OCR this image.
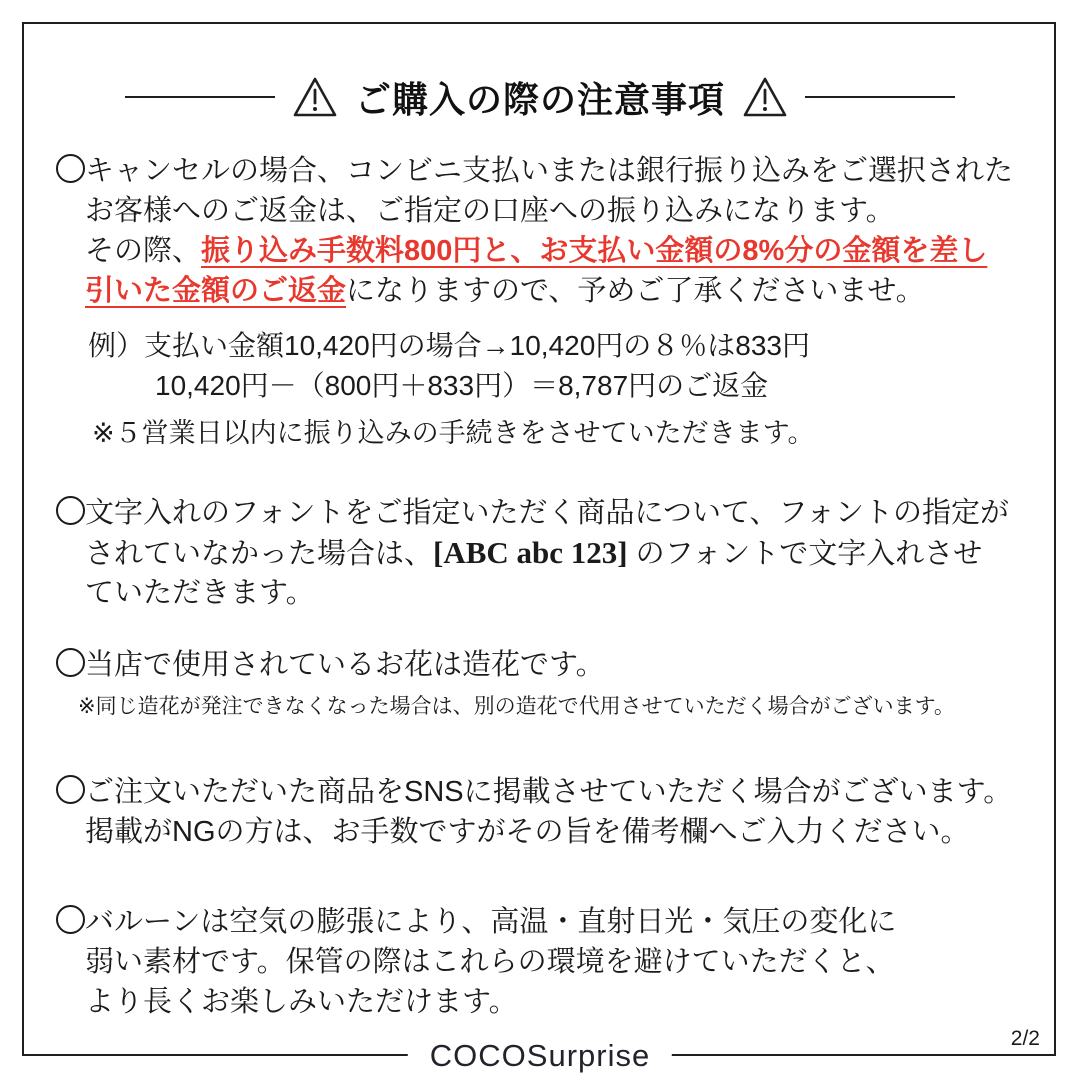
ご購入の際の注意事項
キャンセルの場合、コンビニ支払いまたは銀行振り込みをご選択された
お客様へのご返金は、ご指定の口座への振り込みになります。
その際、振り込み手数料800円と、お支払い金額の8%分の金額を差し
引いた金額のご返金になりますので、予めご了承くださいませ。
例）支払い金額10,420円の場合→10,420円の８％は833円
10,420円－（800円＋833円）＝8,787円のご返金
※５営業日以内に振り込みの手続きをさせていただきます。
文字入れのフォントをご指定いただく商品について、フォントの指定が
されていなかった場合は、[ABC abc 123] のフォントで文字入れさせ
ていただきます。
当店で使用されているお花は造花です。
※同じ造花が発注できなくなった場合は、別の造花で代用させていただく場合がございます。
ご注文いただいた商品をSNSに掲載させていただく場合がございます。
掲載がNGの方は、お手数ですがその旨を備考欄へご入力ください。
バルーンは空気の膨張により、高温・直射日光・気圧の変化に
弱い素材です。保管の際はこれらの環境を避けていただくと、
より長くお楽しみいただけます。
COCOSurprise	2/2
